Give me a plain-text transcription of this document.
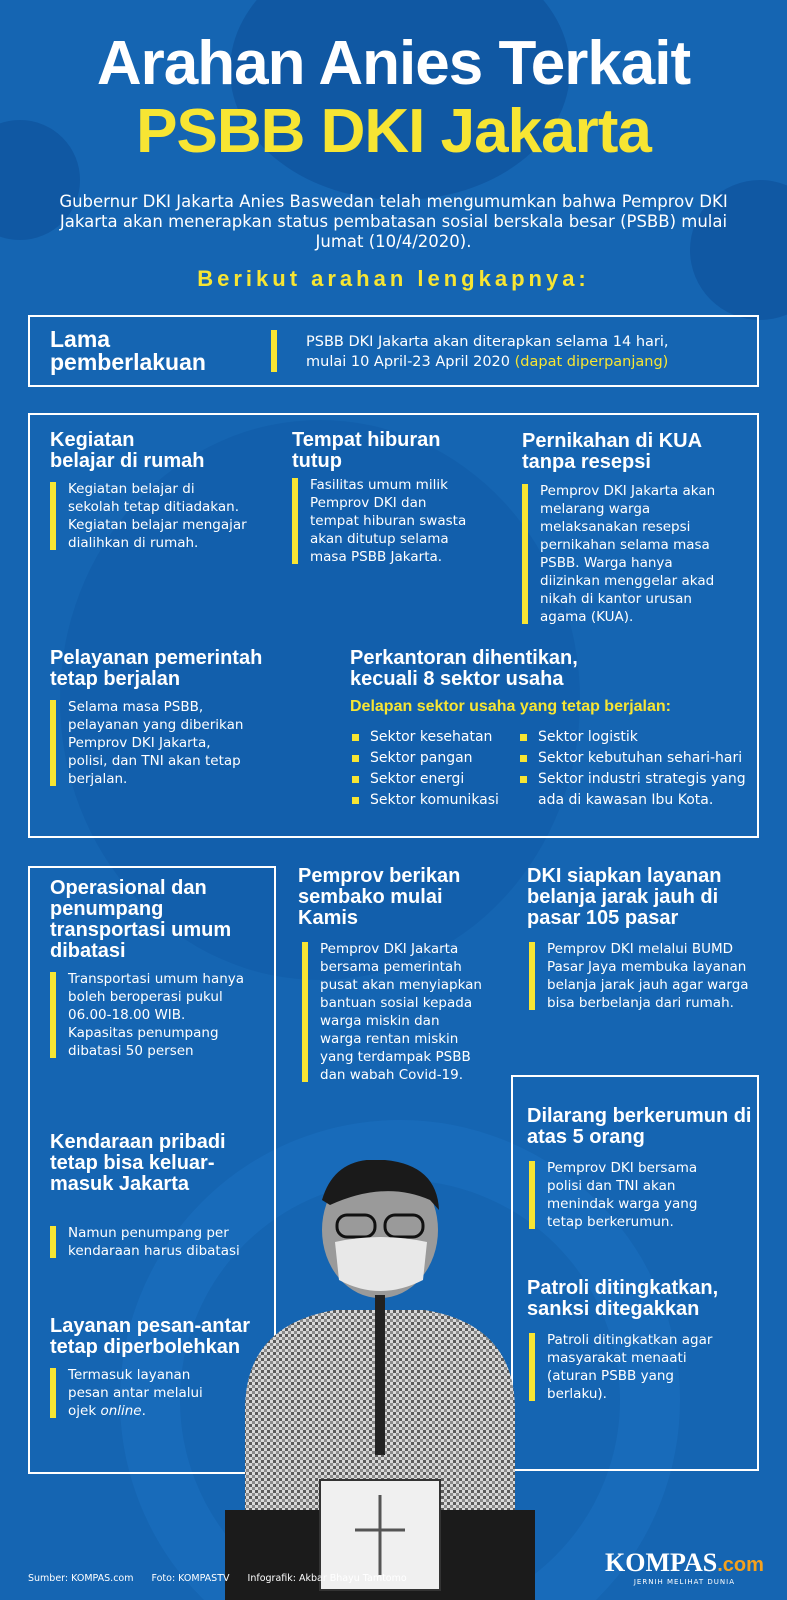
Arahan Anies Terkait
PSBB DKI Jakarta
Gubernur DKI Jakarta Anies Baswedan telah mengumumkan bahwa Pemprov DKI Jakarta akan menerapkan status pembatasan sosial berskala besar (PSBB) mulai Jumat (10/4/2020).
Berikut arahan lengkapnya:
Lama
pemberlakuan
PSBB DKI Jakarta akan diterapkan selama 14 hari,
mulai 10 April-23 April 2020 (dapat diperpanjang)
Kegiatan
belajar di rumah
Kegiatan belajar di sekolah tetap ditiadakan. Kegiatan belajar mengajar dialihkan di rumah.
Tempat hiburan
tutup
Fasilitas umum milik Pemprov DKI dan tempat hiburan swasta akan ditutup selama masa PSBB Jakarta.
Pernikahan di KUA
tanpa resepsi
Pemprov DKI Jakarta akan melarang warga melaksanakan resepsi pernikahan selama masa PSBB. Warga hanya diizinkan menggelar akad nikah di kantor urusan agama (KUA).
Pelayanan pemerintah
tetap berjalan
Selama masa PSBB, pelayanan yang diberikan Pemprov DKI Jakarta, polisi, dan TNI akan tetap berjalan.
Perkantoran dihentikan,
kecuali 8 sektor usaha
Delapan sektor usaha yang tetap berjalan:
Sektor kesehatan
Sektor pangan
Sektor energi
Sektor komunikasi
Sektor logistik
Sektor kebutuhan sehari-hari
Sektor industri strategis yang ada di kawasan Ibu Kota.
Operasional dan penumpang transportasi umum dibatasi
Transportasi umum hanya boleh beroperasi pukul 06.00-18.00 WIB. Kapasitas penumpang dibatasi 50 persen
Kendaraan pribadi tetap bisa keluar-masuk Jakarta
Namun penumpang per kendaraan harus dibatasi
Layanan pesan-antar tetap diperbolehkan
Termasuk layanan pesan antar melalui ojek online.
Pemprov berikan sembako mulai Kamis
Pemprov DKI Jakarta bersama pemerintah pusat akan menyiapkan bantuan sosial kepada warga miskin dan warga rentan miskin yang terdampak PSBB dan wabah Covid-19.
DKI siapkan layanan belanja jarak jauh di pasar 105 pasar
Pemprov DKI melalui BUMD Pasar Jaya membuka layanan belanja jarak jauh agar warga bisa berbelanja dari rumah.
Dilarang berkerumun di atas 5 orang
Pemprov DKI bersama polisi dan TNI akan menindak warga yang tetap berkerumun.
Patroli ditingkatkan, sanksi ditegakkan
Patroli ditingkatkan agar masyarakat menaati (aturan PSBB yang berlaku).
Sumber: KOMPAS.com Foto: KOMPASTV Infografik: Akbar Bhayu Tamtomo
KOMPAS.com
JERNIH MELIHAT DUNIA
